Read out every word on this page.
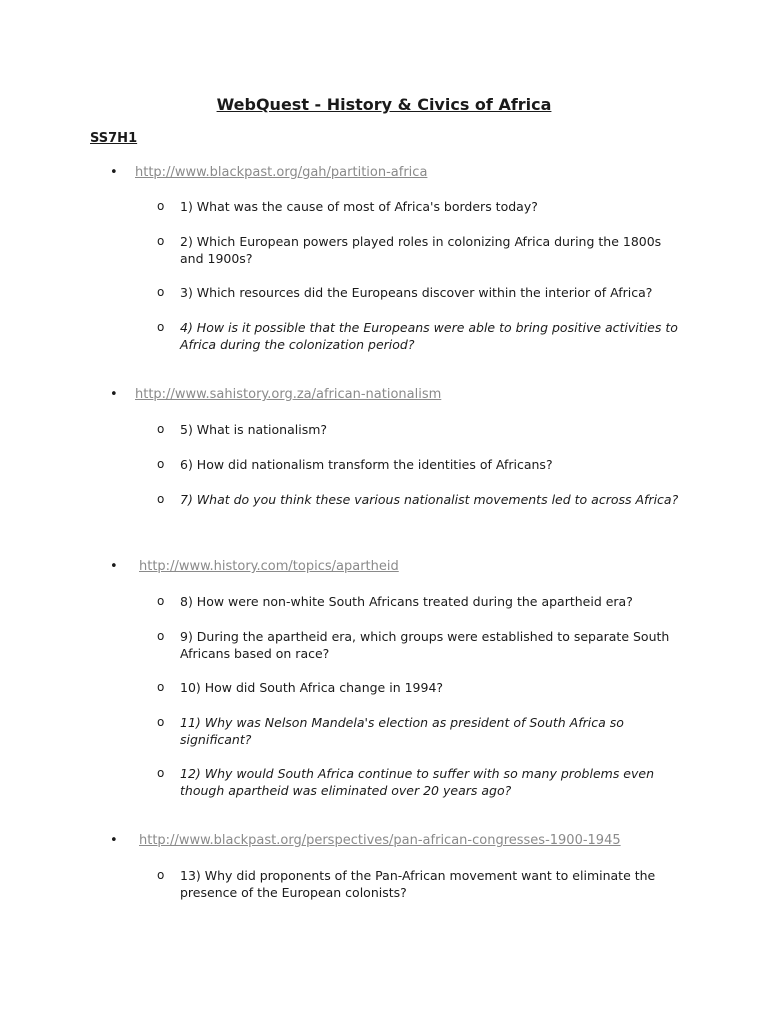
WebQuest - History & Civics of Africa
SS7H1
• http://www.blackpast.org/gah/partition-africa
o 1) What was the cause of most of Africa's borders today?
o 2) Which European powers played roles in colonizing Africa during the 1800s and 1900s?
o 3) Which resources did the Europeans discover within the interior of Africa?
o 4) How is it possible that the Europeans were able to bring positive activities to Africa during the colonization period?
• http://www.sahistory.org.za/african-nationalism
o 5) What is nationalism?
o 6) How did nationalism transform the identities of Africans?
o 7) What do you think these various nationalist movements led to across Africa?
• http://www.history.com/topics/apartheid
o 8) How were non-white South Africans treated during the apartheid era?
o 9) During the apartheid era, which groups were established to separate South Africans based on race?
o 10) How did South Africa change in 1994?
o 11) Why was Nelson Mandela's election as president of South Africa so significant?
o 12) Why would South Africa continue to suffer with so many problems even though apartheid was eliminated over 20 years ago?
• http://www.blackpast.org/perspectives/pan-african-congresses-1900-1945
o 13) Why did proponents of the Pan-African movement want to eliminate the presence of the European colonists?
